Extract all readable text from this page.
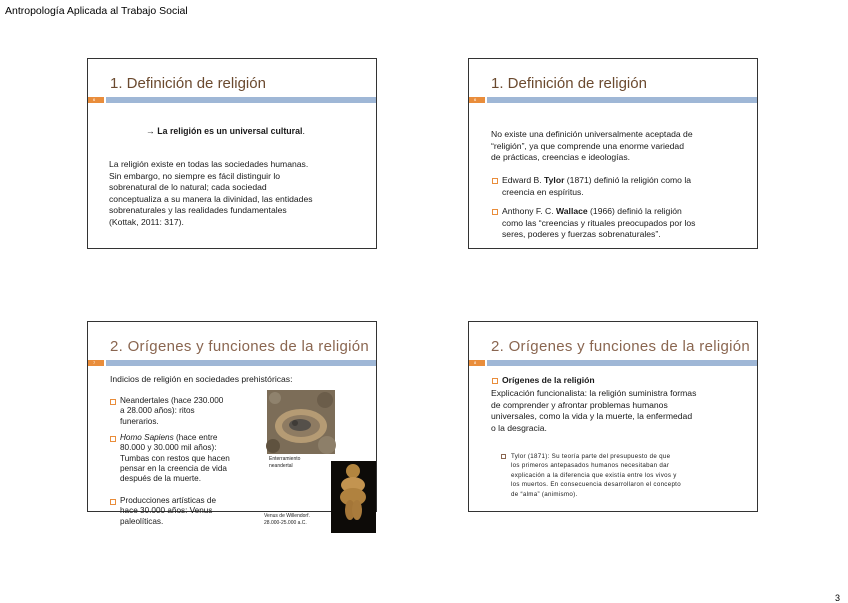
Antropología Aplicada al Trabajo Social
1. Definición de religión
6
→ La religión es un universal cultural.
La religión existe en todas las sociedades humanas.
Sin embargo, no siempre es fácil distinguir lo
sobrenatural de lo natural; cada sociedad
conceptualiza a su manera la divinidad, las entidades
sobrenaturales y las realidades fundamentales
(Kottak, 2011: 317).
1. Definición de religión
6
No existe una definición universalmente aceptada de
“religión”, ya que comprende una enorme variedad
de prácticas, creencias e ideologías.
Edward B. Tylor (1871) definió la religión como la
creencia en espíritus.
Anthony F. C. Wallace (1966) definió la religión
como las “creencias y rituales preocupados por los
seres, poderes y fuerzas sobrenaturales”.
2. Orígenes y funciones de la religión
7
Indicios de religión en sociedades prehistóricas:
Neandertales (hace 230.000
a 28.000 años): ritos
funerarios.
Homo Sapiens (hace entre
80.000 y 30.000 mil años):
Tumbas con restos que hacen
pensar en la creencia de vida
después de la muerte.
Producciones artísticas de
hace 30.000 años: Venus
paleolíticas.
Enterramiento
neandertal
Venus de Willendorf.
28.000-25.000 a.C.
2. Orígenes y funciones de la religión
8
Orígenes de la religión
Explicación funcionalista: la religión suministra formas
de comprender y afrontar problemas humanos
universales, como la vida y la muerte, la enfermedad
o la desgracia.
Tylor (1871): Su teoría parte del presupuesto de que
los primeros antepasados humanos necesitaban dar
explicación a la diferencia que existía entre los vivos y
los muertos. En consecuencia desarrollaron el concepto
de “alma” (animismo).
3
